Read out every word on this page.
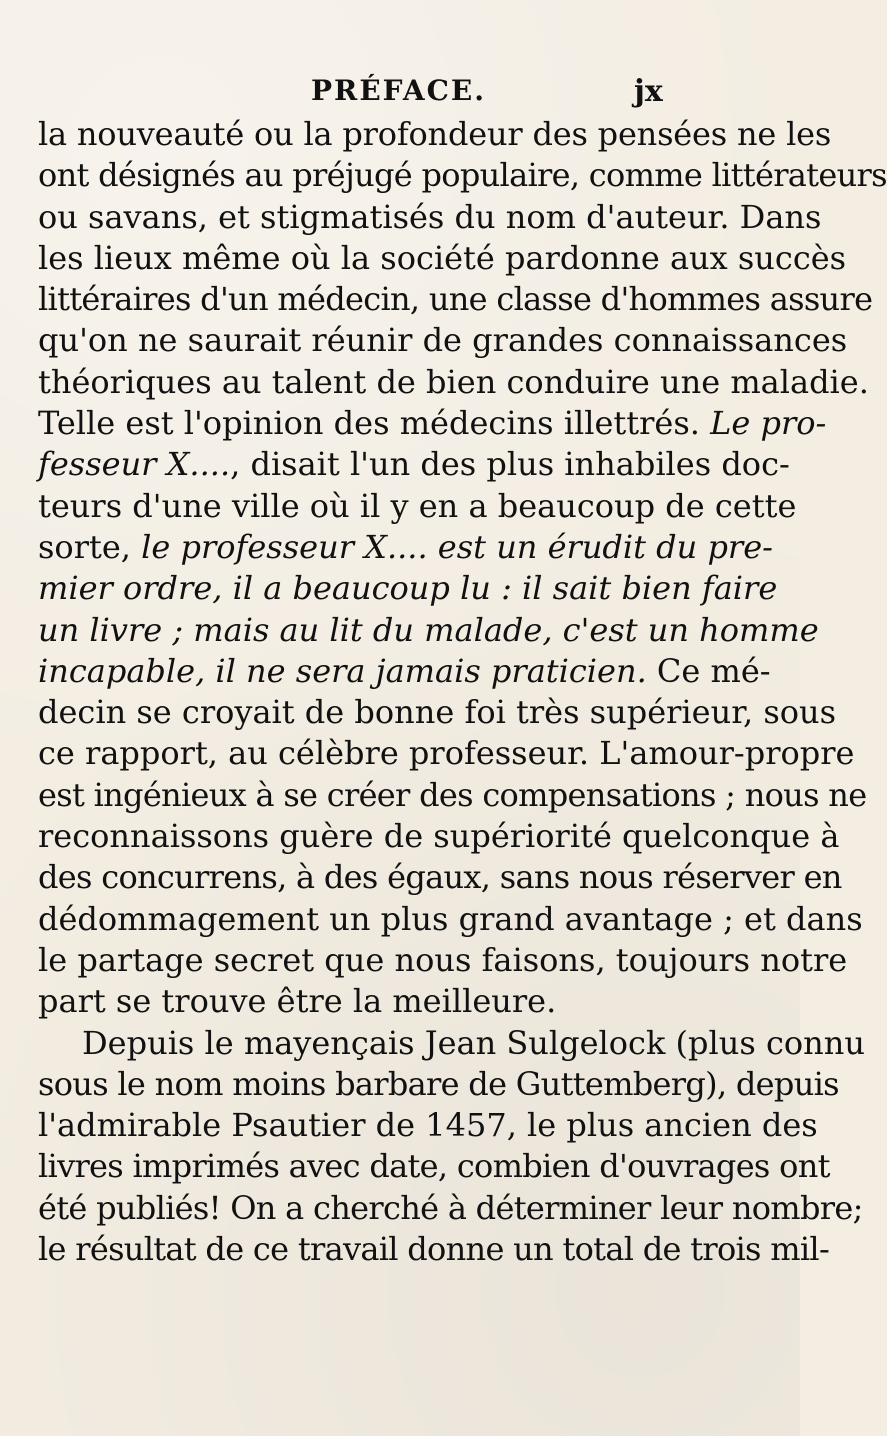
PRÉFACE.	jx
la nouveauté ou la profondeur des pensées ne les
ont désignés au préjugé populaire, comme littérateurs
ou savans, et stigmatisés du nom d'auteur. Dans
les lieux même où la société pardonne aux succès
littéraires d'un médecin, une classe d'hommes assure
qu'on ne saurait réunir de grandes connaissances
théoriques au talent de bien conduire une maladie.
Telle est l'opinion des médecins illettrés. Le pro-
fesseur X...., disait l'un des plus inhabiles doc-
teurs d'une ville où il y en a beaucoup de cette
sorte, le professeur X.... est un érudit du pre-
mier ordre, il a beaucoup lu : il sait bien faire
un livre ; mais au lit du malade, c'est un homme
incapable, il ne sera jamais praticien. Ce mé-
decin se croyait de bonne foi très supérieur, sous
ce rapport, au célèbre professeur. L'amour-propre
est ingénieux à se créer des compensations ; nous ne
reconnaissons guère de supériorité quelconque à
des concurrens, à des égaux, sans nous réserver en
dédommagement un plus grand avantage ; et dans
le partage secret que nous faisons, toujours notre
part se trouve être la meilleure.
Depuis le mayençais Jean Sulgelock (plus connu
sous le nom moins barbare de Guttemberg), depuis
l'admirable Psautier de 1457, le plus ancien des
livres imprimés avec date, combien d'ouvrages ont
été publiés! On a cherché à déterminer leur nombre;
le résultat de ce travail donne un total de trois mil-
